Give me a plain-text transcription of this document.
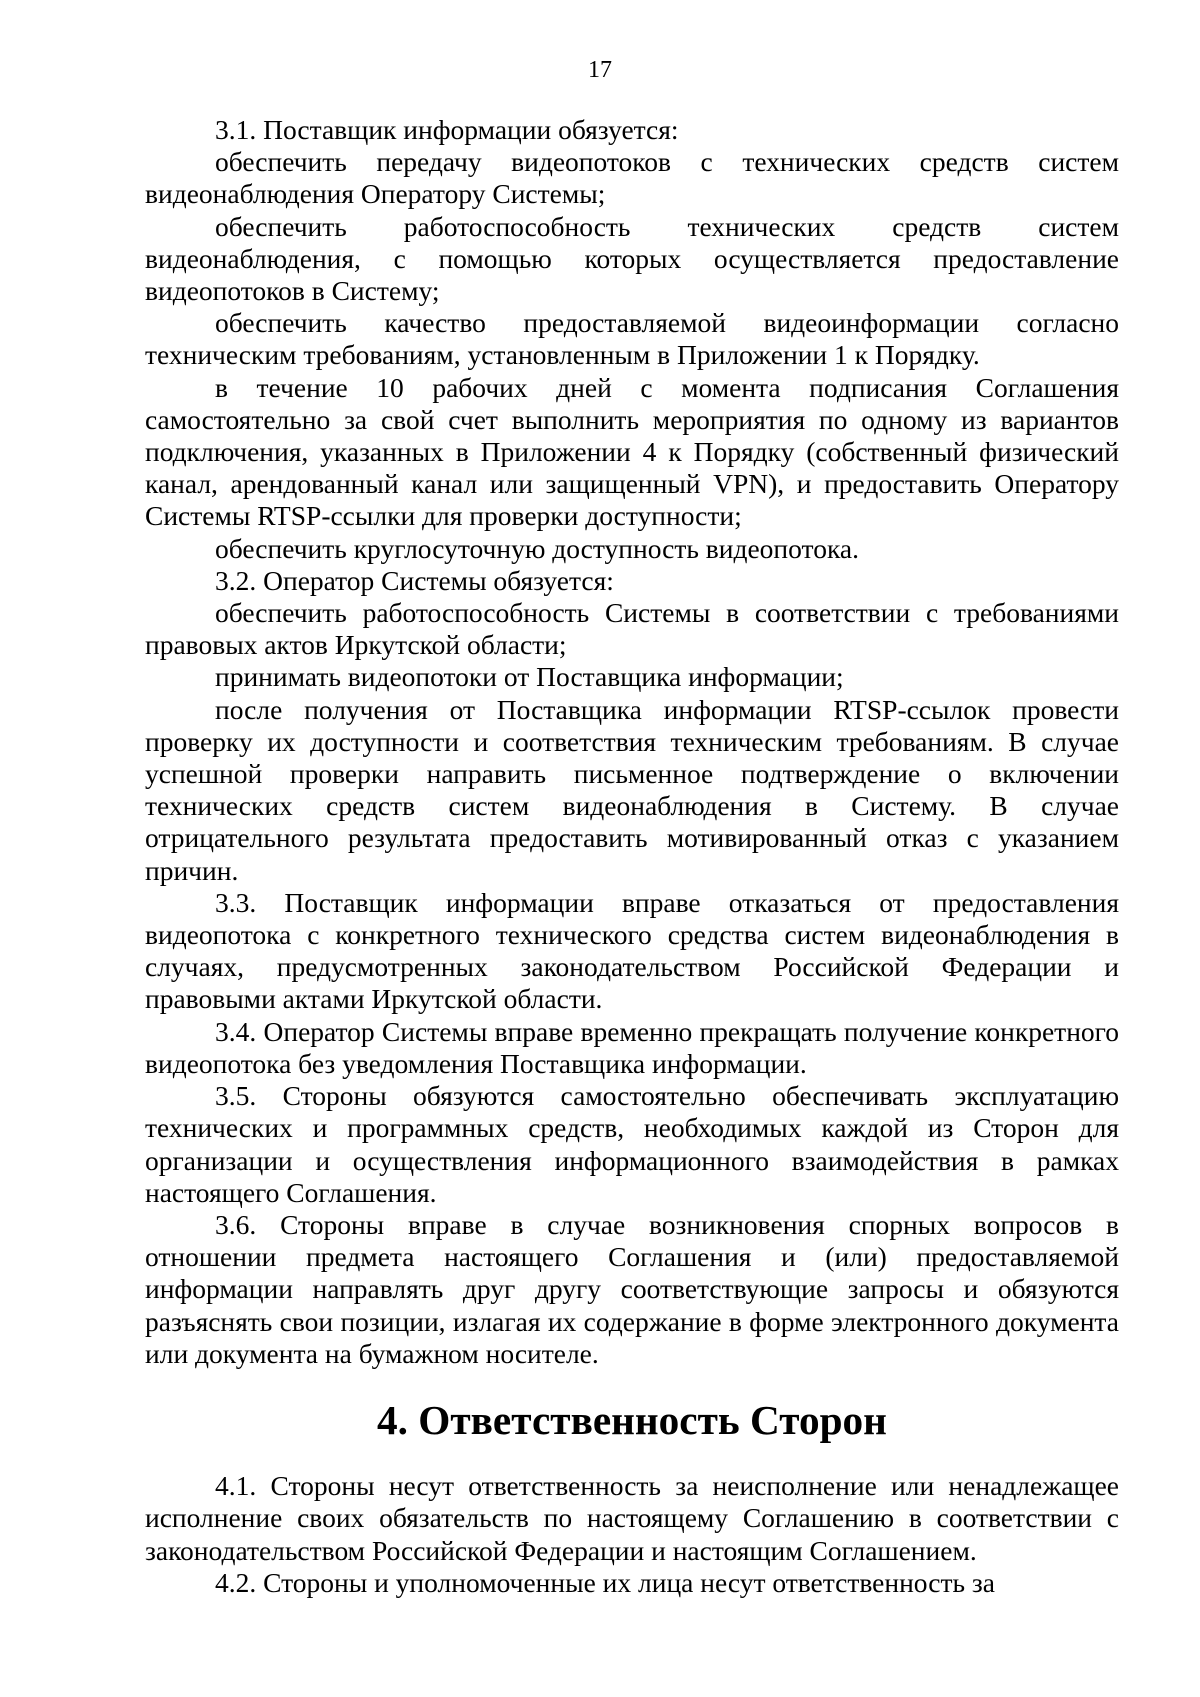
17

3.1. Поставщик информации обязуется:

обеспечить передачу видеопотоков с технических средств систем видеонаблюдения Оператору Системы;

обеспечить работоспособность технических средств систем видеонаблюдения, с помощью которых осуществляется предоставление видеопотоков в Систему;

обеспечить качество предоставляемой видеоинформации согласно техническим требованиям, установленным в Приложении 1 к Порядку.

в течение 10 рабочих дней с момента подписания Соглашения самостоятельно за свой счет выполнить мероприятия по одному из вариантов подключения, указанных в Приложении 4 к Порядку (собственный физический канал, арендованный канал или защищенный VPN), и предоставить Оператору Системы RTSP-ссылки для проверки доступности;

обеспечить круглосуточную доступность видеопотока.

3.2. Оператор Системы обязуется:

обеспечить работоспособность Системы в соответствии с требованиями правовых актов Иркутской области;

принимать видеопотоки от Поставщика информации;

после получения от Поставщика информации RTSP-ссылок провести проверку их доступности и соответствия техническим требованиям. В случае успешной проверки направить письменное подтверждение о включении технических средств систем видеонаблюдения в Систему. В случае отрицательного результата предоставить мотивированный отказ с указанием причин.

3.3. Поставщик информации вправе отказаться от предоставления видеопотока с конкретного технического средства систем видеонаблюдения в случаях, предусмотренных законодательством Российской Федерации и правовыми актами Иркутской области.

3.4. Оператор Системы вправе временно прекращать получение конкретного видеопотока без уведомления Поставщика информации.

3.5. Стороны обязуются самостоятельно обеспечивать эксплуатацию технических и программных средств, необходимых каждой из Сторон для организации и осуществления информационного взаимодействия в рамках настоящего Соглашения.

3.6. Стороны вправе в случае возникновения спорных вопросов в отношении предмета настоящего Соглашения и (или) предоставляемой информации направлять друг другу соответствующие запросы и обязуются разъяснять свои позиции, излагая их содержание в форме электронного документа или документа на бумажном носителе.

4. Ответственность Сторон

4.1. Стороны несут ответственность за неисполнение или ненадлежащее исполнение своих обязательств по настоящему Соглашению в соответствии с законодательством Российской Федерации и настоящим Соглашением.

4.2. Стороны и уполномоченные их лица несут ответственность за
